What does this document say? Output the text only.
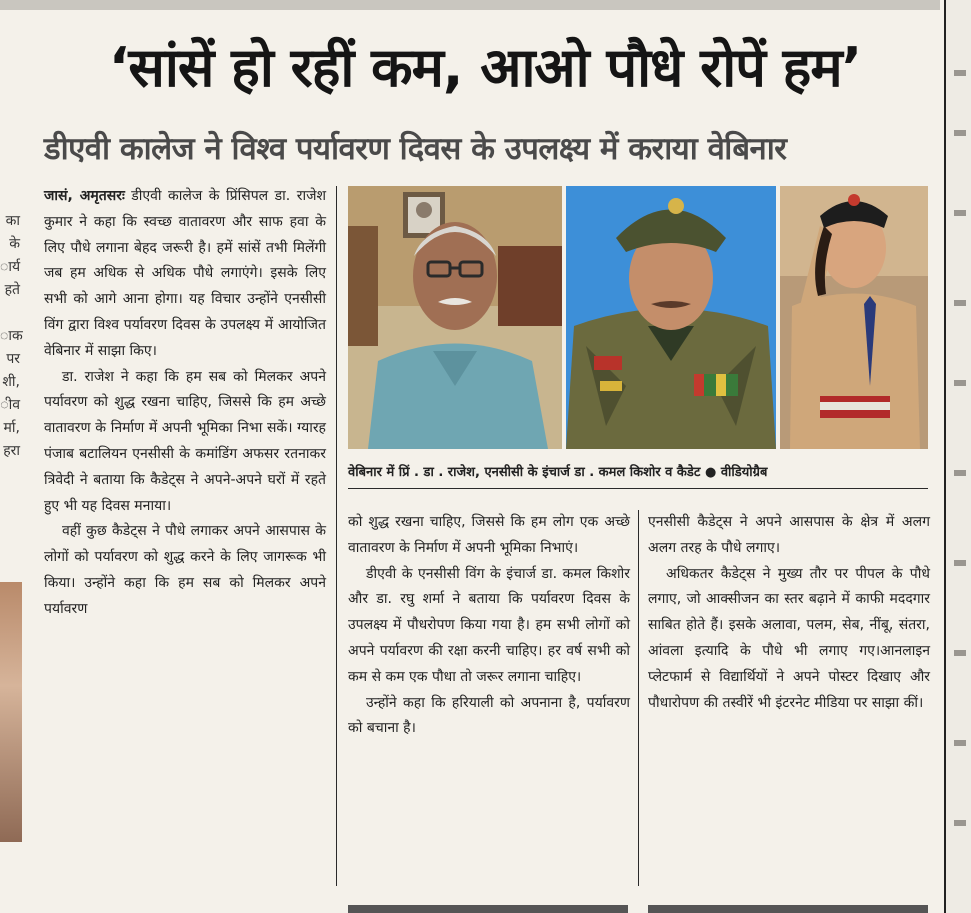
का
के
ार्य
हते

ाक
पर
शी,
ीव
र्मा,
हरा
‘सांसें हो रहीं कम, आओ पौधे रोपें हम’
डीएवी कालेज ने विश्व पर्यावरण दिवस के उपलक्ष्य में कराया वेबिनार

जासं, अमृतसरः डीएवी कालेज के प्रिंसिपल डा. राजेश कुमार ने कहा कि स्वच्छ वातावरण और साफ हवा के लिए पौधे लगाना बेहद जरूरी है। हमें सांसें तभी मिलेंगी जब हम अधिक से अधिक पौधे लगाएंगे। इसके लिए सभी को आगे आना होगा। यह विचार उन्होंने एनसीसी विंग द्वारा विश्व पर्यावरण दिवस के उपलक्ष्य में आयोजित वेबिनार में साझा किए।

डा. राजेश ने कहा कि हम सब को मिलकर अपने पर्यावरण को शुद्ध रखना चाहिए, जिससे कि हम अच्छे वातावरण के निर्माण में अपनी भूमिका निभा सकें। ग्यारह पंजाब बटालियन एनसीसी के कमांडिंग अफसर रतनाकर त्रिवेदी ने बताया कि कैडेट्स ने अपने-अपने घरों में रहते हुए भी यह दिवस मनाया।

वहीं कुछ कैडेट्स ने पौधे लगाकर अपने आसपास के लोगों को पर्यावरण को शुद्ध करने के लिए जागरूक भी किया। उन्होंने कहा कि हम सब को मिलकर अपने पर्यावरण

वेबिनार में प्रिं . डा . राजेश, एनसीसी के इंचार्ज डा . कमल किशोर व कैडेट ● वीडियोग्रैब

को शुद्ध रखना चाहिए, जिससे कि हम लोग एक अच्छे वातावरण के निर्माण में अपनी भूमिका निभाएं।

डीएवी के एनसीसी विंग के इंचार्ज डा. कमल किशोर और डा. रघु शर्मा ने बताया कि पर्यावरण दिवस के उपलक्ष्य में पौधरोपण किया गया है। हम सभी लोगों को अपने पर्यावरण की रक्षा करनी चाहिए। हर वर्ष सभी को कम से कम एक पौधा तो जरूर लगाना चाहिए।

उन्होंने कहा कि हरियाली को अपनाना है, पर्यावरण को बचाना है।

एनसीसी कैडेट्स ने अपने आसपास के क्षेत्र में अलग अलग तरह के पौधे लगाए।

अधिकतर कैडेट्स ने मुख्य तौर पर पीपल के पौधे लगाए, जो आक्सीजन का स्तर बढ़ाने में काफी मददगार साबित होते हैं। इसके अलावा, पलम, सेब, नींबू, संतरा, आंवला इत्यादि के पौधे भी लगाए गए।आनलाइन प्लेटफार्म से विद्यार्थियों ने अपने पोस्टर दिखाए और पौधारोपण की तस्वीरें भी इंटरनेट मीडिया पर साझा कीं।
